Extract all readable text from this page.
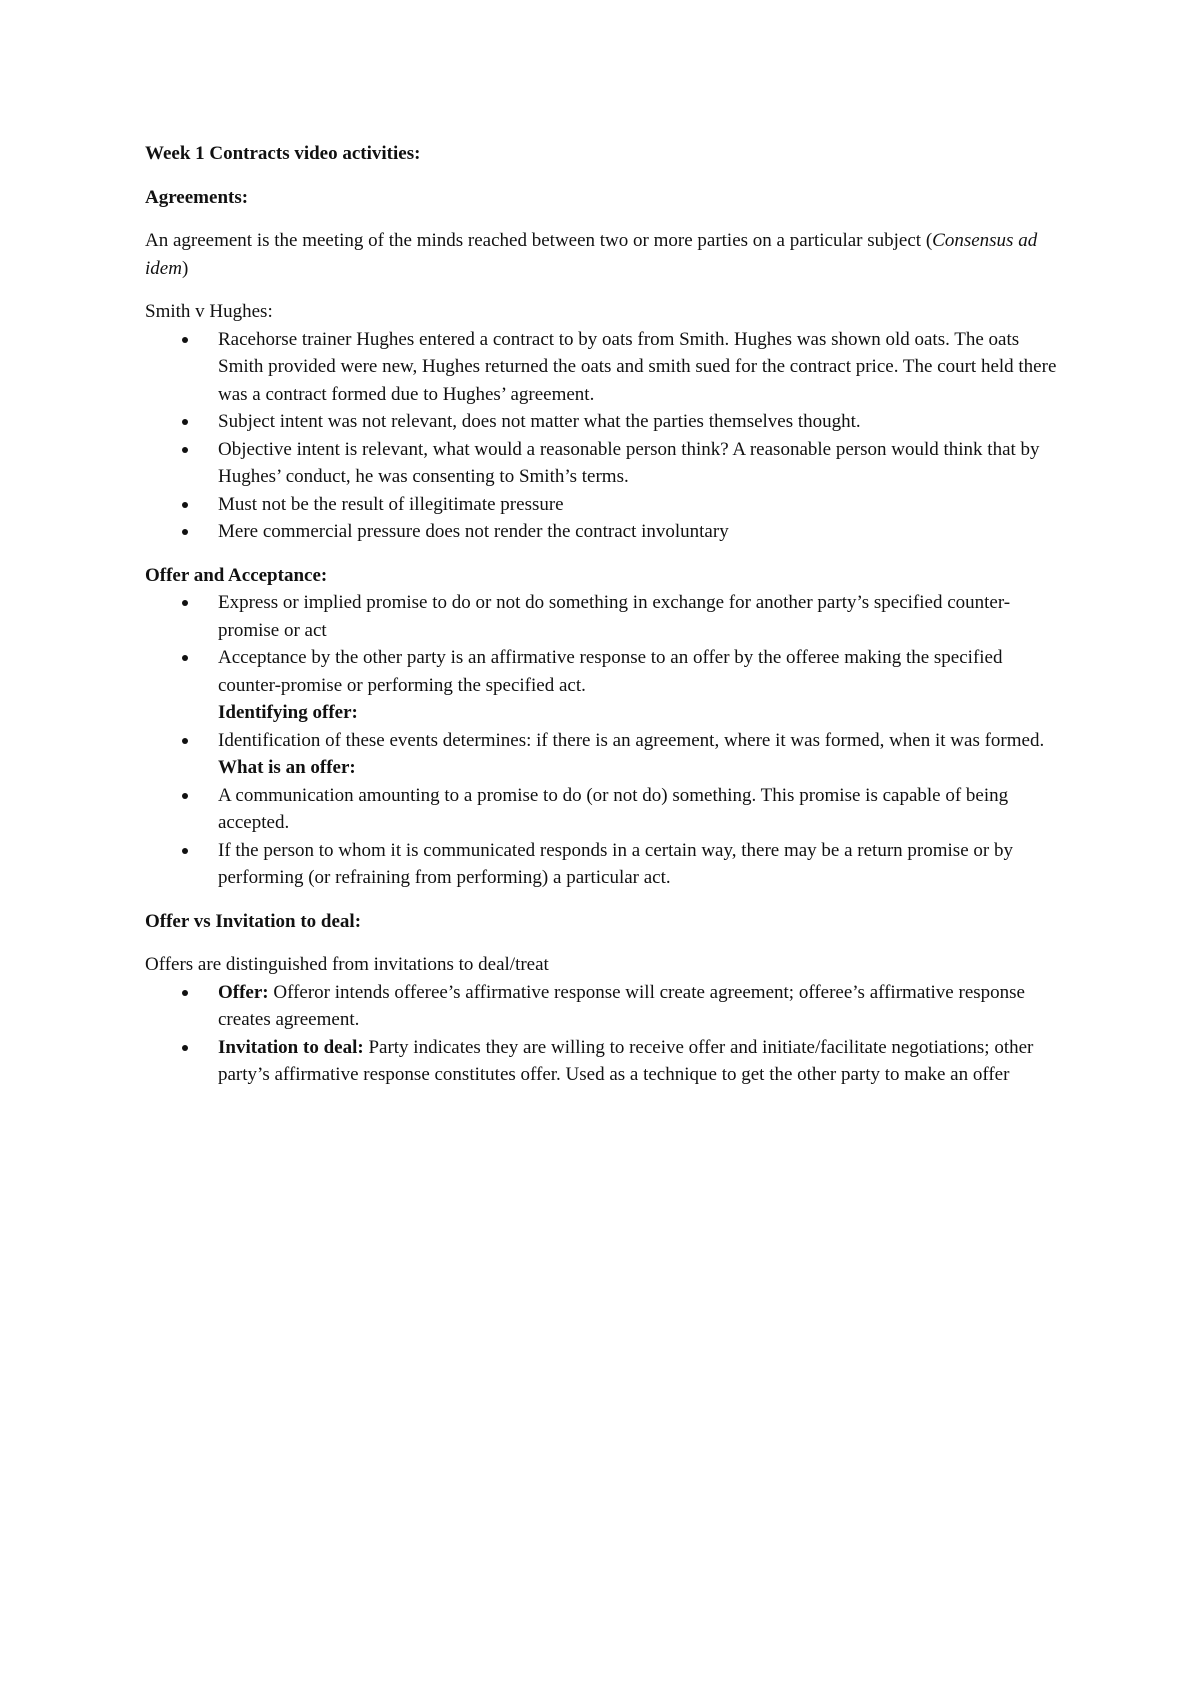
Week 1 Contracts video activities:

Agreements:

An agreement is the meeting of the minds reached between two or more parties on a particular subject (Consensus ad idem)

Smith v Hughes:

Racehorse trainer Hughes entered a contract to by oats from Smith. Hughes was shown old oats. The oats Smith provided were new, Hughes returned the oats and smith sued for the contract price. The court held there was a contract formed due to Hughes’ agreement.
Subject intent was not relevant, does not matter what the parties themselves thought.
Objective intent is relevant, what would a reasonable person think? A reasonable person would think that by Hughes’ conduct, he was consenting to Smith’s terms.
Must not be the result of illegitimate pressure
Mere commercial pressure does not render the contract involuntary

Offer and Acceptance:

Express or implied promise to do or not do something in exchange for another party’s specified counter-promise or act
Acceptance by the other party is an affirmative response to an offer by the offeree making the specified counter-promise or performing the specified act.

Identifying offer:

Identification of these events determines: if there is an agreement, where it was formed, when it was formed.

What is an offer:

A communication amounting to a promise to do (or not do) something. This promise is capable of being accepted.
If the person to whom it is communicated responds in a certain way, there may be a return promise or by performing (or refraining from performing) a particular act.

Offer vs Invitation to deal:

Offers are distinguished from invitations to deal/treat

Offer: Offeror intends offeree’s affirmative response will create agreement; offeree’s affirmative response creates agreement.
Invitation to deal: Party indicates they are willing to receive offer and initiate/facilitate negotiations; other party’s affirmative response constitutes offer. Used as a technique to get the other party to make an offer
